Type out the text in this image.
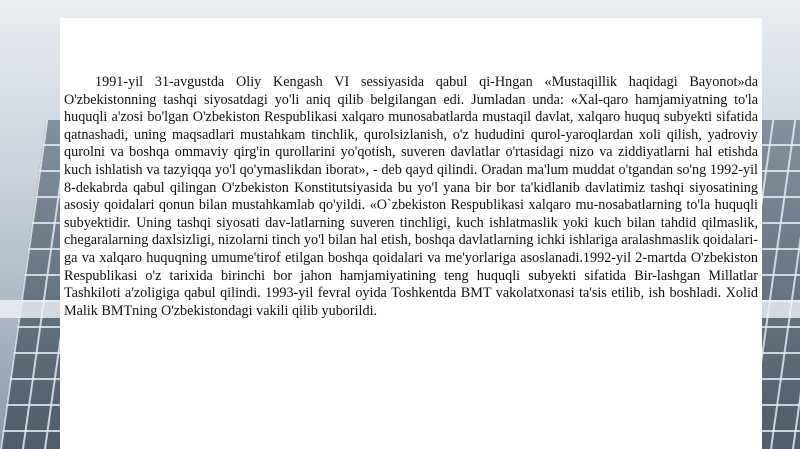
1991-yil 31-avgustda Oliy Kengash VI sessiyasida qabul qi-Hngan «Mustaqillik haqidagi Bayonot»da O'zbekistonning tashqi siyosatdagi yo'li aniq qilib belgilangan edi. Jumladan unda: «Xal-qaro hamjamiyatning to'la huquqli a'zosi bo'lgan O'zbekiston Respublikasi xalqaro munosabatlarda mustaqil davlat, xalqaro huquq subyekti sifatida qatnashadi, uning maqsadlari mustahkam tinchlik, qurolsizlanish, o'z hududini qurol-yaroqlardan xoli qilish, yadroviy qurolni va boshqa ommaviy qirg'in qurollarini yo'qotish, suveren davlatlar o'rtasidagi nizo va ziddiyatlarni hal etishda kuch ishlatish va tazyiqqa yo'l qo'ymaslikdan iborat», - deb qayd qilindi. Oradan ma'lum muddat o'tgandan so'ng 1992-yil 8-dekabrda qabul qilingan O'zbekiston Konstitutsiyasida bu yo'l yana bir bor ta'kidlanib davlatimiz tashqi siyosatining asosiy qoidalari qonun bilan mustahkamlab qo'yildi. «O`zbekiston Respublikasi xalqaro mu-nosabatlarning to'la huquqli subyektidir. Uning tashqi siyosati dav-latlarning suveren tinchligi, kuch ishlatmaslik yoki kuch bilan tahdid qilmaslik, chegaralarning daxlsizligi, nizolarni tinch yo'l bilan hal etish, boshqa davlatlarning ichki ishlariga aralashmaslik qoidalari-ga va xalqaro huquqning umume'tirof etilgan boshqa qoidalari va me'yorlariga asoslanadi.1992-yil 2-martda O'zbekiston Respublikasi o'z tarixida birinchi bor jahon hamjamiyatining teng huquqli subyekti sifatida Bir-lashgan Millatlar Tashkiloti a'zoligiga qabul qilindi. 1993-yil fevral oyida Toshkentda BMT vakolatxonasi ta'sis etilib, ish boshladi. Xolid Malik BMTning O'zbekistondagi vakili qilib yuborildi.
